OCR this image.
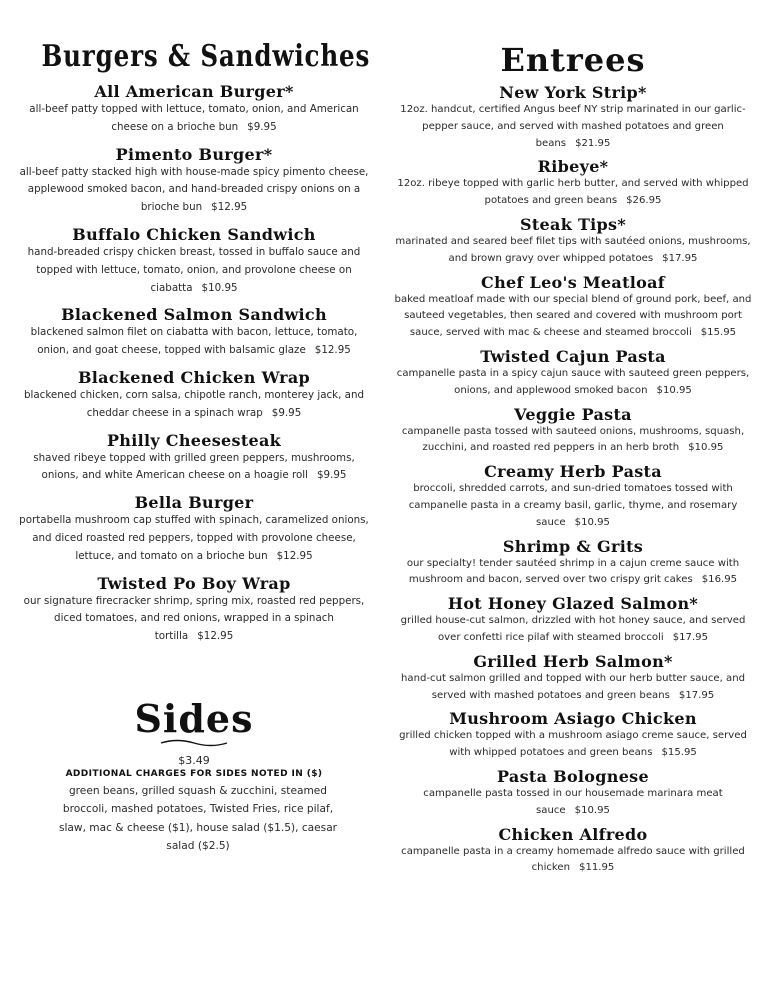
Burgers & Sandwiches
All American Burger*
all-beef patty topped with lettuce, tomato, onion, and American cheese on a brioche bun $9.95
Pimento Burger*
all-beef patty stacked high with house-made spicy pimento cheese, applewood smoked bacon, and hand-breaded crispy onions on a brioche bun $12.95
Buffalo Chicken Sandwich
hand-breaded crispy chicken breast, tossed in buffalo sauce and topped with lettuce, tomato, onion, and provolone cheese on ciabatta $10.95
Blackened Salmon Sandwich
blackened salmon filet on ciabatta with bacon, lettuce, tomato, onion, and goat cheese, topped with balsamic glaze $12.95
Blackened Chicken Wrap
blackened chicken, corn salsa, chipotle ranch, monterey jack, and cheddar cheese in a spinach wrap $9.95
Philly Cheesesteak
shaved ribeye topped with grilled green peppers, mushrooms, onions, and white American cheese on a hoagie roll $9.95
Bella Burger
portabella mushroom cap stuffed with spinach, caramelized onions, and diced roasted red peppers, topped with provolone cheese, lettuce, and tomato on a brioche bun $12.95
Twisted Po Boy Wrap
our signature firecracker shrimp, spring mix, roasted red peppers, diced tomatoes, and red onions, wrapped in a spinach tortilla $12.95
Sides
$3.49
ADDITIONAL CHARGES FOR SIDES NOTED IN ($)
green beans, grilled squash & zucchini, steamed broccoli, mashed potatoes, Twisted Fries, rice pilaf, slaw, mac & cheese ($1), house salad ($1.5), caesar salad ($2.5)
Entrees
New York Strip*
12oz. handcut, certified Angus beef NY strip marinated in our garlic-pepper sauce, and served with mashed potatoes and green beans $21.95
Ribeye*
12oz. ribeye topped with garlic herb butter, and served with whipped potatoes and green beans $26.95
Steak Tips*
marinated and seared beef filet tips with sautéed onions, mushrooms, and brown gravy over whipped potatoes $17.95
Chef Leo's Meatloaf
baked meatloaf made with our special blend of ground pork, beef, and sauteed vegetables, then seared and covered with mushroom port sauce, served with mac & cheese and steamed broccoli $15.95
Twisted Cajun Pasta
campanelle pasta in a spicy cajun sauce with sauteed green peppers, onions, and applewood smoked bacon $10.95
Veggie Pasta
campanelle pasta tossed with sauteed onions, mushrooms, squash, zucchini, and roasted red peppers in an herb broth $10.95
Creamy Herb Pasta
broccoli, shredded carrots, and sun-dried tomatoes tossed with campanelle pasta in a creamy basil, garlic, thyme, and rosemary sauce $10.95
Shrimp & Grits
our specialty! tender sautéed shrimp in a cajun creme sauce with mushroom and bacon, served over two crispy grit cakes $16.95
Hot Honey Glazed Salmon*
grilled house-cut salmon, drizzled with hot honey sauce, and served over confetti rice pilaf with steamed broccoli $17.95
Grilled Herb Salmon*
hand-cut salmon grilled and topped with our herb butter sauce, and served with mashed potatoes and green beans $17.95
Mushroom Asiago Chicken
grilled chicken topped with a mushroom asiago creme sauce, served with whipped potatoes and green beans $15.95
Pasta Bolognese
campanelle pasta tossed in our housemade marinara meat sauce $10.95
Chicken Alfredo
campanelle pasta in a creamy homemade alfredo sauce with grilled chicken $11.95
